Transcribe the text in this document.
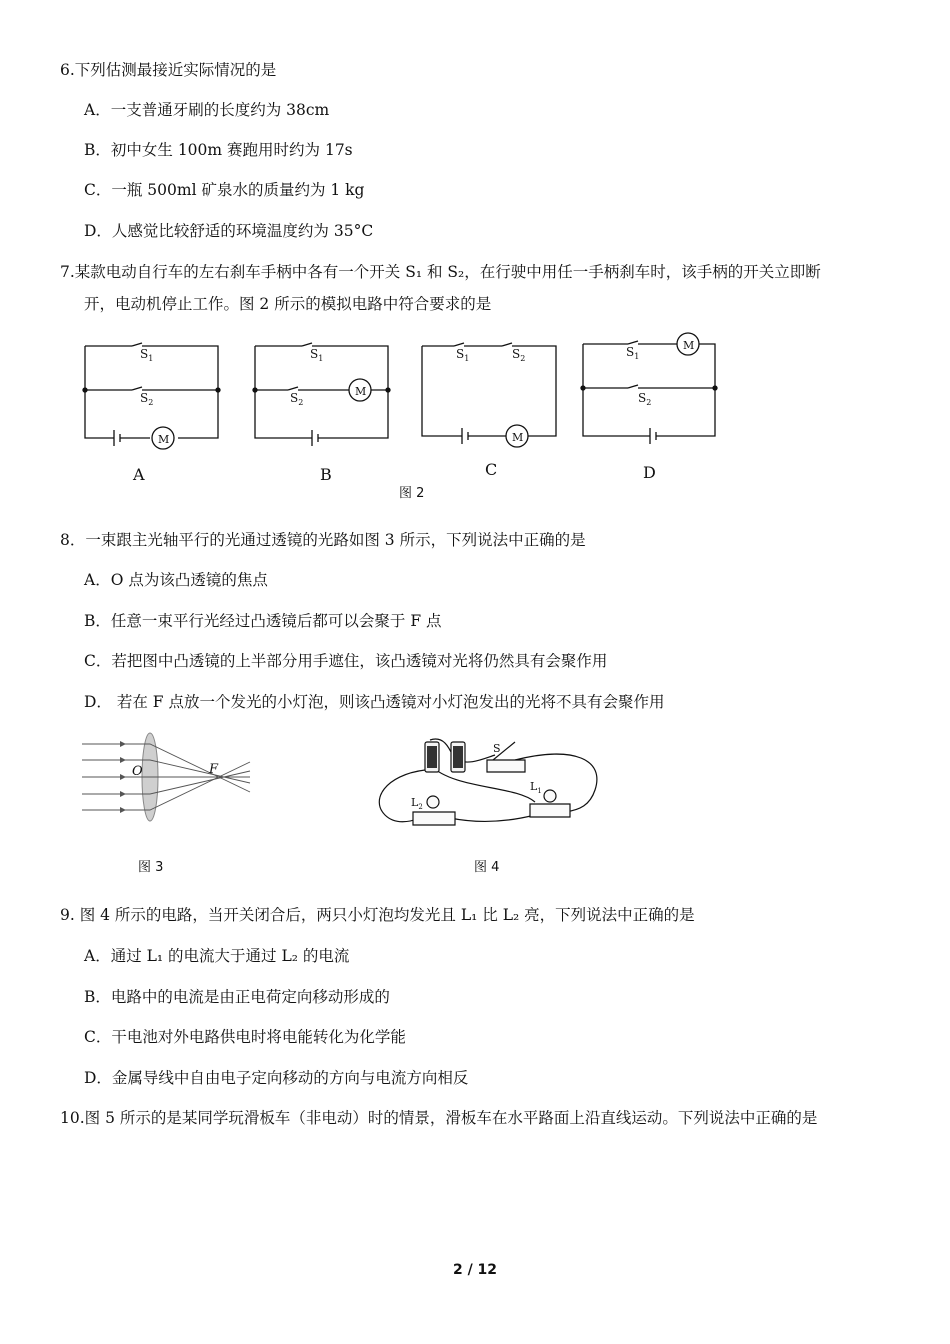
6.下列估测最接近实际情况的是
A．一支普通牙刷的长度约为 38cm
B．初中女生 100m 赛跑用时约为 17s
C．一瓶 500ml 矿泉水的质量约为 1 kg
D．人感觉比较舒适的环境温度约为 35°C
7.某款电动自行车的左右刹车手柄中各有一个开关 S₁ 和 S₂，在行驶中用任一手柄刹车时，该手柄的开关立即断
开，电动机停止工作。图 2 所示的模拟电路中符合要求的是
$S_1$
$S_2$
M
$S_1$
$S_2$
M
$S_1$	$S_2$
M
$S_1$
M
$S_2$
A	B	C	D
图 2
8．一束跟主光轴平行的光通过透镜的光路如图 3 所示，下列说法中正确的是
A．O 点为该凸透镜的焦点
B．任意一束平行光经过凸透镜后都可以会聚于 F 点
C．若把图中凸透镜的上半部分用手遮住，该凸透镜对光将仍然具有会聚作用
D． 若在 F 点放一个发光的小灯泡，则该凸透镜对小灯泡发出的光将不具有会聚作用
O	F
图 3
S
$L_2$
$L_1$
图 4
9. 图 4 所示的电路，当开关闭合后，两只小灯泡均发光且 L₁ 比 L₂ 亮，下列说法中正确的是
A．通过 L₁ 的电流大于通过 L₂ 的电流
B．电路中的电流是由正电荷定向移动形成的
C．干电池对外电路供电时将电能转化为化学能
D．金属导线中自由电子定向移动的方向与电流方向相反
10.图 5 所示的是某同学玩滑板车（非电动）时的情景，滑板车在水平路面上沿直线运动。下列说法中正确的是
2 / 12
